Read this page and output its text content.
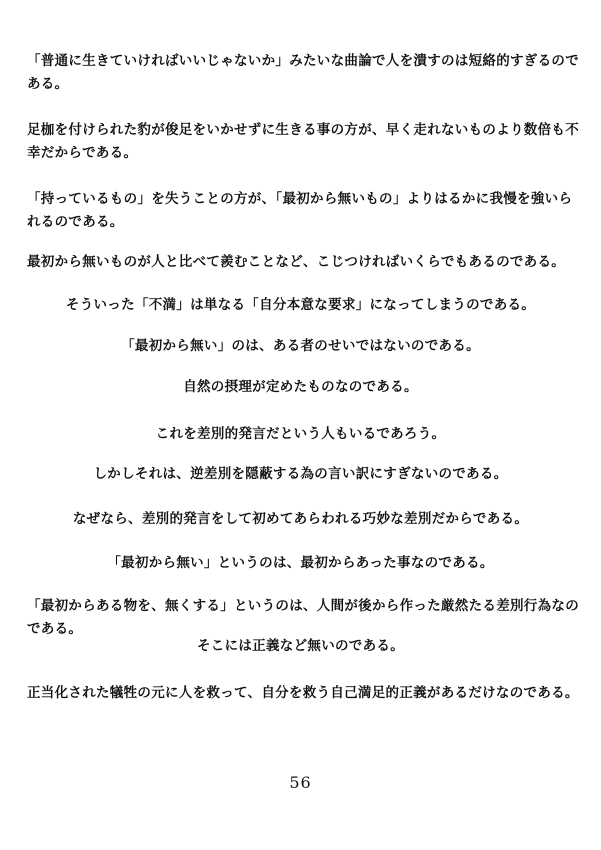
「普通に生きていければいいじゃないか」みたいな曲論で人を潰すのは短絡的すぎるので
ある。
足枷を付けられた豹が俊足をいかせずに生きる事の方が、早く走れないものより数倍も不
幸だからである。
「持っているもの」を失うことの方が、「最初から無いもの」よりはるかに我慢を強いら
れるのである。
最初から無いものが人と比べて羨むことなど、こじつければいくらでもあるのである。
そういった「不満」は単なる「自分本意な要求」になってしまうのである。
「最初から無い」のは、ある者のせいではないのである。
自然の摂理が定めたものなのである。
これを差別的発言だという人もいるであろう。
しかしそれは、逆差別を隠蔽する為の言い訳にすぎないのである。
なぜなら、差別的発言をして初めてあらわれる巧妙な差別だからである。
「最初から無い」というのは、最初からあった事なのである。
「最初からある物を、無くする」というのは、人間が後から作った厳然たる差別行為なの
である。
そこには正義など無いのである。
正当化された犠牲の元に人を救って、自分を救う自己満足的正義があるだけなのである。
56
